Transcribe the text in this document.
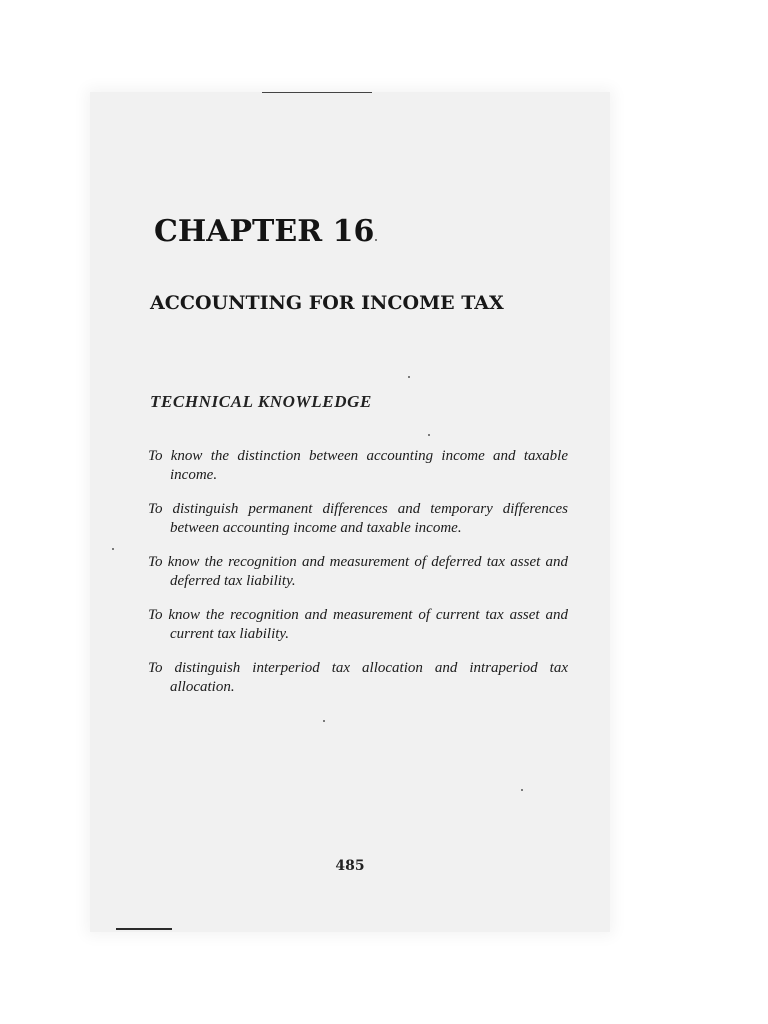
CHAPTER 16
ACCOUNTING FOR INCOME TAX
TECHNICAL KNOWLEDGE
To know the distinction between accounting income and taxable income.
To distinguish permanent differences and temporary differences between accounting income and taxable income.
To know the recognition and measurement of deferred tax asset and deferred tax liability.
To know the recognition and measurement of current tax asset and current tax liability.
To distinguish interperiod tax allocation and intraperiod tax allocation.

485
